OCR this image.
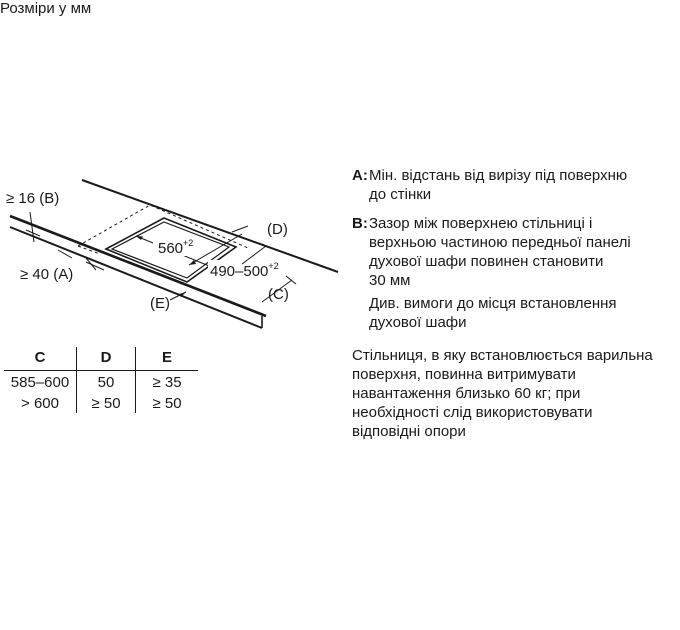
Розміри у мм
$560^{+2}$
$490-500^{+2}$
(D)
(C)
(E)
≥ 16 (B)
≥ 40 (A)
C	D	E
585–600	50	≥ 35
> 600	≥ 50	≥ 50
A: Мін. відстань від вирізу під поверхню
до стінки
B: Зазор між поверхнею стільниці і
верхньою частиною передньої панелі
духової шафи повинен становити
30 мм
Див. вимоги до місця встановлення
духової шафи
Стільниця, в яку встановлюється варильна
поверхня, повинна витримувати
навантаження близько 60 кг; при
необхідності слід використовувати
відповідні опори
